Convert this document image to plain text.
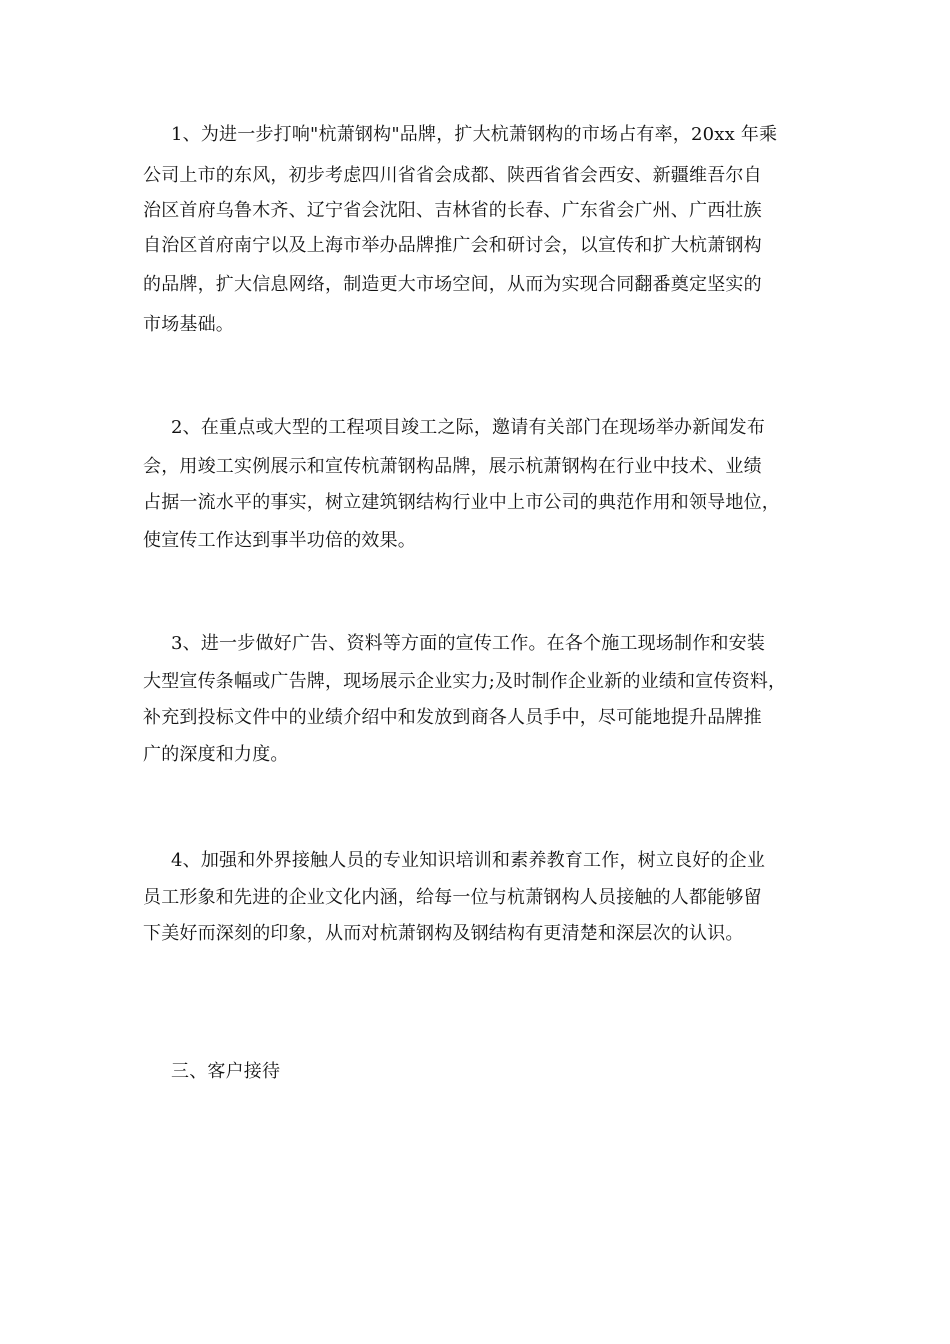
1、为进一步打响"杭萧钢构"品牌，扩大杭萧钢构的市场占有率，20xx 年乘
公司上市的东风，初步考虑四川省省会成都、陕西省省会西安、新疆维吾尔自
治区首府乌鲁木齐、辽宁省会沈阳、吉林省的长春、广东省会广州、广西壮族
自治区首府南宁以及上海市举办品牌推广会和研讨会，以宣传和扩大杭萧钢构
的品牌，扩大信息网络，制造更大市场空间，从而为实现合同翻番奠定坚实的
市场基础。
2、在重点或大型的工程项目竣工之际，邀请有关部门在现场举办新闻发布
会，用竣工实例展示和宣传杭萧钢构品牌，展示杭萧钢构在行业中技术、业绩
占据一流水平的事实，树立建筑钢结构行业中上市公司的典范作用和领导地位，
使宣传工作达到事半功倍的效果。
3、进一步做好广告、资料等方面的宣传工作。在各个施工现场制作和安装
大型宣传条幅或广告牌，现场展示企业实力;及时制作企业新的业绩和宣传资料，
补充到投标文件中的业绩介绍中和发放到商各人员手中，尽可能地提升品牌推
广的深度和力度。
4、加强和外界接触人员的专业知识培训和素养教育工作，树立良好的企业
员工形象和先进的企业文化内涵，给每一位与杭萧钢构人员接触的人都能够留
下美好而深刻的印象，从而对杭萧钢构及钢结构有更清楚和深层次的认识。
三、客户接待
